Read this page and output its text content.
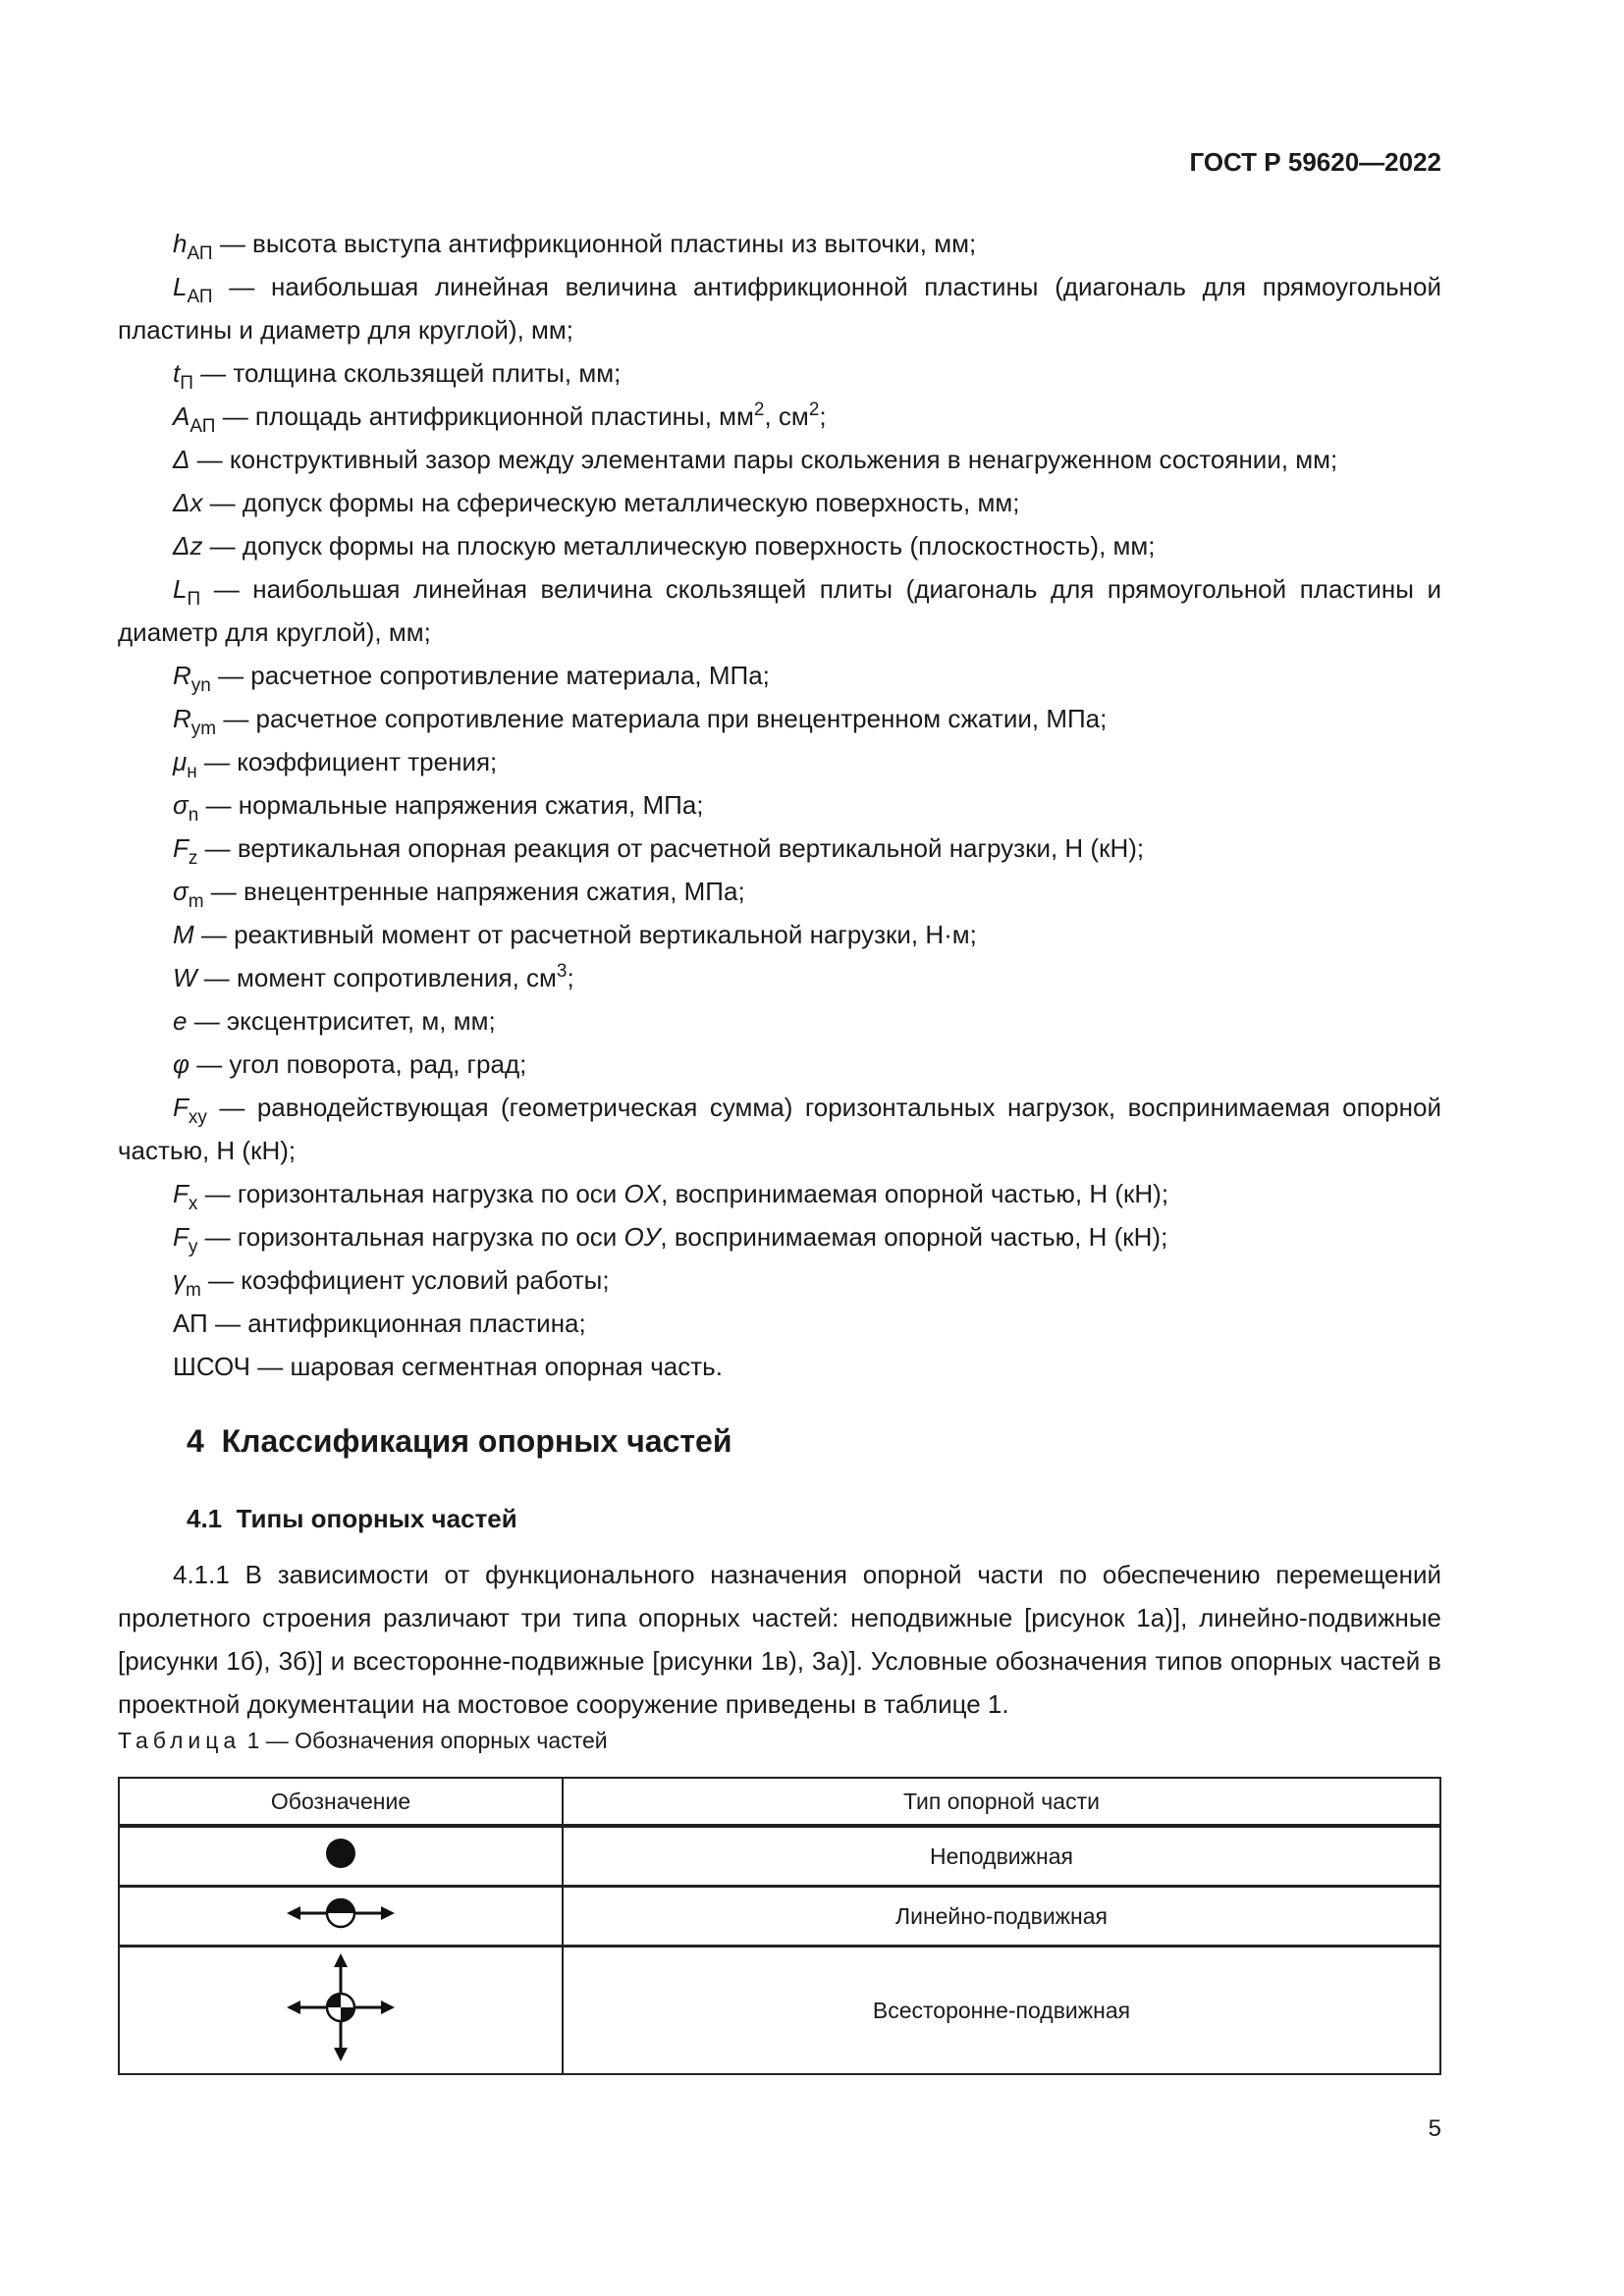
ГОСТ Р 59620—2022

$h_{АП}$ — высота выступа антифрикционной пластины из выточки, мм;

$L_{АП}$ — наибольшая линейная величина антифрикционной пластины (диагональ для прямоугольной пластины и диаметр для круглой), мм;

$t_П$ — толщина скользящей плиты, мм;

$A_{АП}$ — площадь антифрикционной пластины, $мм^2$, $см^2$;

Δ — конструктивный зазор между элементами пары скольжения в ненагруженном состоянии, мм;

Δx — допуск формы на сферическую металлическую поверхность, мм;

Δz — допуск формы на плоскую металлическую поверхность (плоскостность), мм;

$L_П$ — наибольшая линейная величина скользящей плиты (диагональ для прямоугольной пластины и диаметр для круглой), мм;

$R_{yn}$ — расчетное сопротивление материала, МПа;

$R_{ym}$ — расчетное сопротивление материала при внецентренном сжатии, МПа;

$\mu_н$ — коэффициент трения;

$\sigma_n$ — нормальные напряжения сжатия, МПа;

$F_z$ — вертикальная опорная реакция от расчетной вертикальной нагрузки, Н (кН);

$\sigma_m$ — внецентренные напряжения сжатия, МПа;

M — реактивный момент от расчетной вертикальной нагрузки, Н·м;

W — момент сопротивления, $см^3$;

e — эксцентриситет, м, мм;

φ — угол поворота, рад, град;

$F_{xy}$ — равнодействующая (геометрическая сумма) горизонтальных нагрузок, воспринимаемая опорной частью, Н (кН);

$F_x$ — горизонтальная нагрузка по оси OX, воспринимаемая опорной частью, Н (кН);

$F_y$ — горизонтальная нагрузка по оси OУ, воспринимаемая опорной частью, Н (кН);

$\gamma_m$ — коэффициент условий работы;

АП — антифрикционная пластина;

ШСОЧ — шаровая сегментная опорная часть.

4 Классификация опорных частей
4.1 Типы опорных частей

4.1.1 В зависимости от функционального назначения опорной части по обеспечению перемещений пролетного строения различают три типа опорных частей: неподвижные [рисунок 1а)], линейно-подвижные [рисунки 1б), 3б)] и всесторонне-подвижные [рисунки 1в), 3а)]. Условные обозначения типов опорных частей в проектной документации на мостовое сооружение приведены в таблице 1.

Таблица 1 — Обозначения опорных частей
Обозначение	Тип опорной части
	Неподвижная
	Линейно-подвижная
	Всесторонне-подвижная
5
